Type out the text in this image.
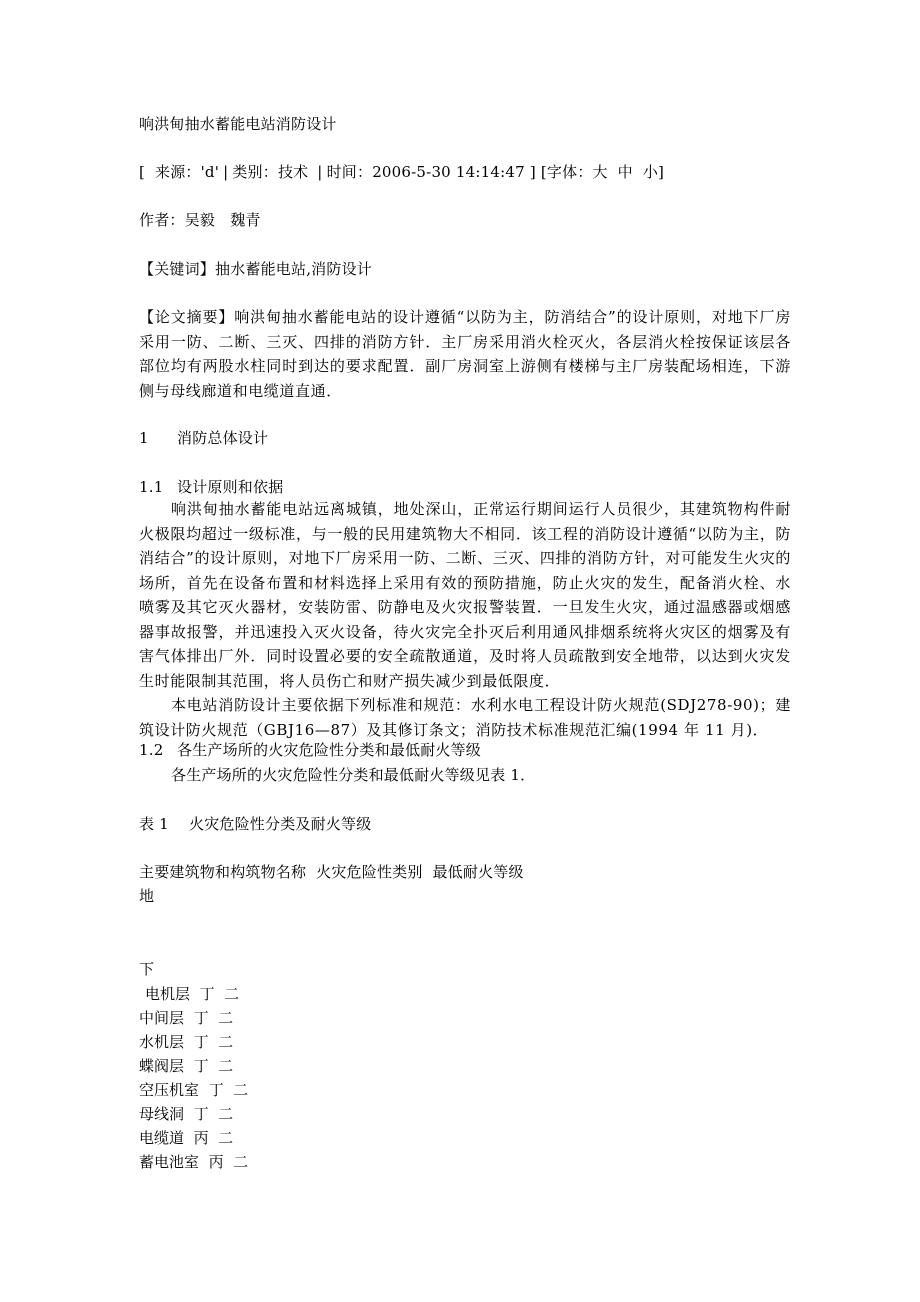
响洪甸抽水蓄能电站消防设计
[  来源：'d' | 类别：技术 | 时间：2006-5-30 14:14:47 ] [字体：大 中 小]
作者：吴毅　魏青
【关键词】抽水蓄能电站,消防设计

【论文摘要】响洪甸抽水蓄能电站的设计遵循“以防为主，防消结合”的设计原则，对地下厂房采用一防、二断、三灭、四排的消防方针．主厂房采用消火栓灭火，各层消火栓按保证该层各部位均有两股水柱同时到达的要求配置．副厂房洞室上游侧有楼梯与主厂房装配场相连，下游侧与母线廊道和电缆道直通．

1 消防总体设计
1.1 设计原则和依据

响洪甸抽水蓄能电站远离城镇，地处深山，正常运行期间运行人员很少，其建筑物构件耐火极限均超过一级标准，与一般的民用建筑物大不相同．该工程的消防设计遵循“以防为主，防消结合”的设计原则，对地下厂房采用一防、二断、三灭、四排的消防方针，对可能发生火灾的场所，首先在设备布置和材料选择上采用有效的预防措施，防止火灾的发生，配备消火栓、水喷雾及其它灭火器材，安装防雷、防静电及火灾报警装置．一旦发生火灾，通过温感器或烟感器事故报警，并迅速投入灭火设备，待火灾完全扑灭后利用通风排烟系统将火灾区的烟雾及有害气体排出厂外．同时设置必要的安全疏散通道，及时将人员疏散到安全地带，以达到火灾发生时能限制其范围，将人员伤亡和财产损失减少到最低限度．

本电站消防设计主要依据下列标准和规范：水利水电工程设计防火规范(SDJ278-90)；建筑设计防火规范（GBJ16—87）及其修订条文；消防技术标准规范汇编(1994 年 11 月)．

1.2 各生产场所的火灾危险性分类和最低耐火等级
各生产场所的火灾危险性分类和最低耐火等级见表 1．
表 1 火灾危险性分类及耐火等级
主要建筑物和构筑物名称 火灾危险性类别 最低耐火等级
地
下
电机层 丁 二
中间层 丁 二
水机层 丁 二
蝶阀层 丁 二
空压机室 丁 二
母线洞 丁 二
电缆道 丙 二
蓄电池室 丙 二
